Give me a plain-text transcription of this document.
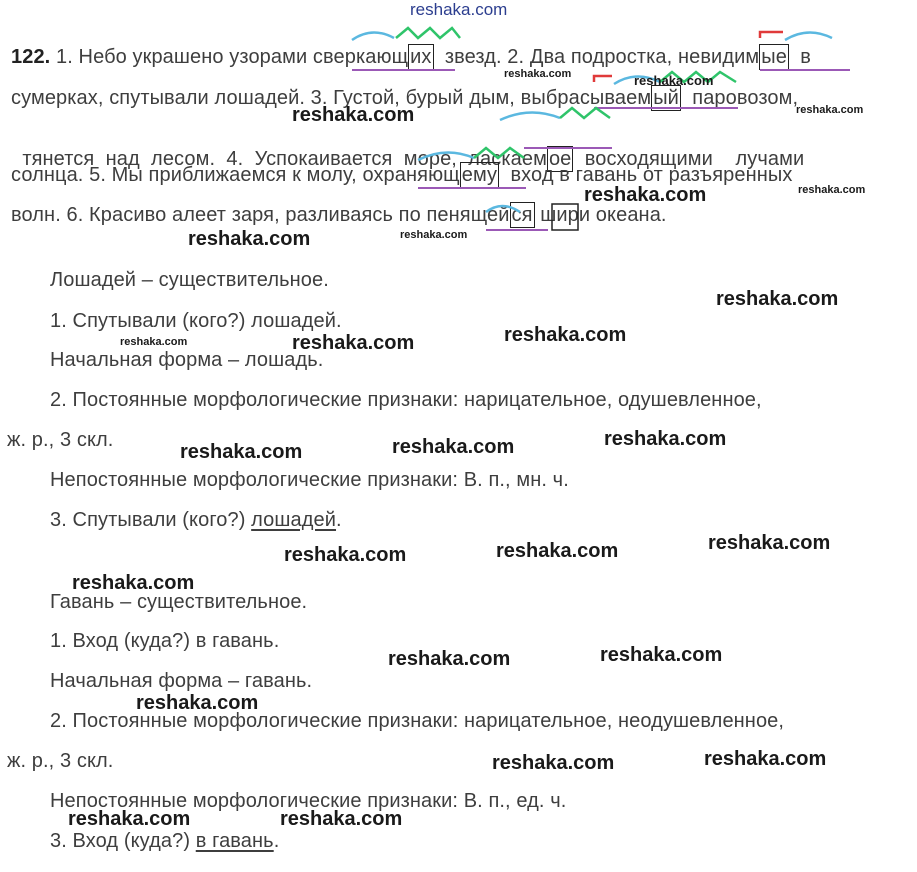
reshaka.com
122. 1. Небо украшено узорами сверкающ их  звезд. 2. Два подростка, невидим ые  в
сумерках, спутывали лошадей. 3. Густой, бурый дым, выбрасываем ый  паровозом,

тянется  над  лесом.  4.  Успокаивается  море,  ласкаем ое  восходящими    лучами

солнца. 5. Мы приближаемся к молу, охраняющ ему  вход в гавань от разъяренных
волн. 6. Красиво алеет заря, разливаясь по пенящей ся шири океана.
Лошадей – существительное.
1. Спутывали (кого?) лошадей.
Начальная форма – лошадь.
2. Постоянные морфологические признаки: нарицательное, одушевленное,
ж. р., 3 скл.
Непостоянные морфологические признаки: В. п., мн. ч.
3. Спутывали (кого?) лошадей.
Гавань – существительное.
1. Вход (куда?) в гавань.
Начальная форма – гавань.
2. Постоянные морфологические признаки: нарицательное, неодушевленное,
ж. р., 3 скл.
Непостоянные морфологические признаки: В. п., ед. ч.
3. Вход (куда?) в гавань.
reshaka.com
reshaka.com
reshaka.com
reshaka.com
reshaka.com
reshaka.com
reshaka.com
reshaka.com
reshaka.com
reshaka.com
reshaka.com
reshaka.com
reshaka.com
reshaka.com
reshaka.com
reshaka.com
reshaka.com
reshaka.com
reshaka.com
reshaka.com
reshaka.com	reshaka.com
reshaka.com
reshaka.com
reshaka.com
reshaka.com
